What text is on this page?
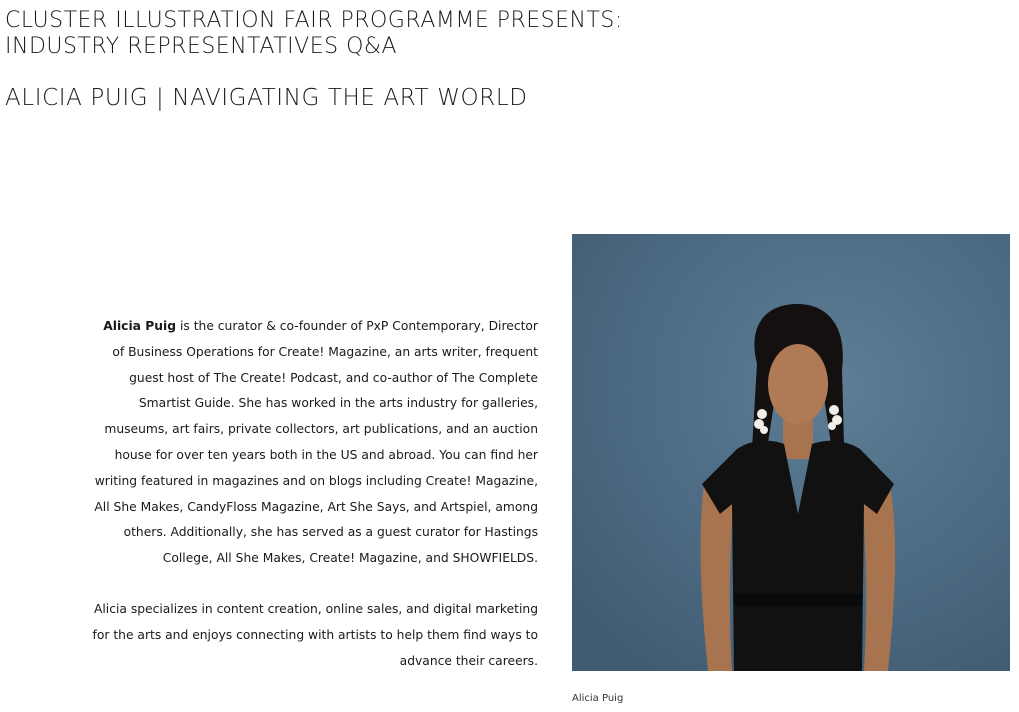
CLUSTER ILLUSTRATION FAIR PROGRAMME PRESENTS:
INDUSTRY REPRESENTATIVES Q&A
ALICIA PUIG | NAVIGATING THE ART WORLD

Alicia Puig is the curator & co-founder of PxP Contemporary, Director of Business Operations for Create! Magazine, an arts writer, frequent guest host of The Create! Podcast, and co-author of The Complete Smartist Guide. She has worked in the arts industry for galleries, museums, art fairs, private collectors, art publications, and an auction house for over ten years both in the US and abroad. You can find her writing featured in magazines and on blogs including Create! Magazine, All She Makes, CandyFloss Magazine, Art She Says, and Artspiel, among others. Additionally, she has served as a guest curator for Hastings College, All She Makes, Create! Magazine, and SHOWFIELDS.

Alicia specializes in content creation, online sales, and digital marketing for the arts and enjoys connecting with artists to help them find ways to advance their careers.

Alicia Puig
